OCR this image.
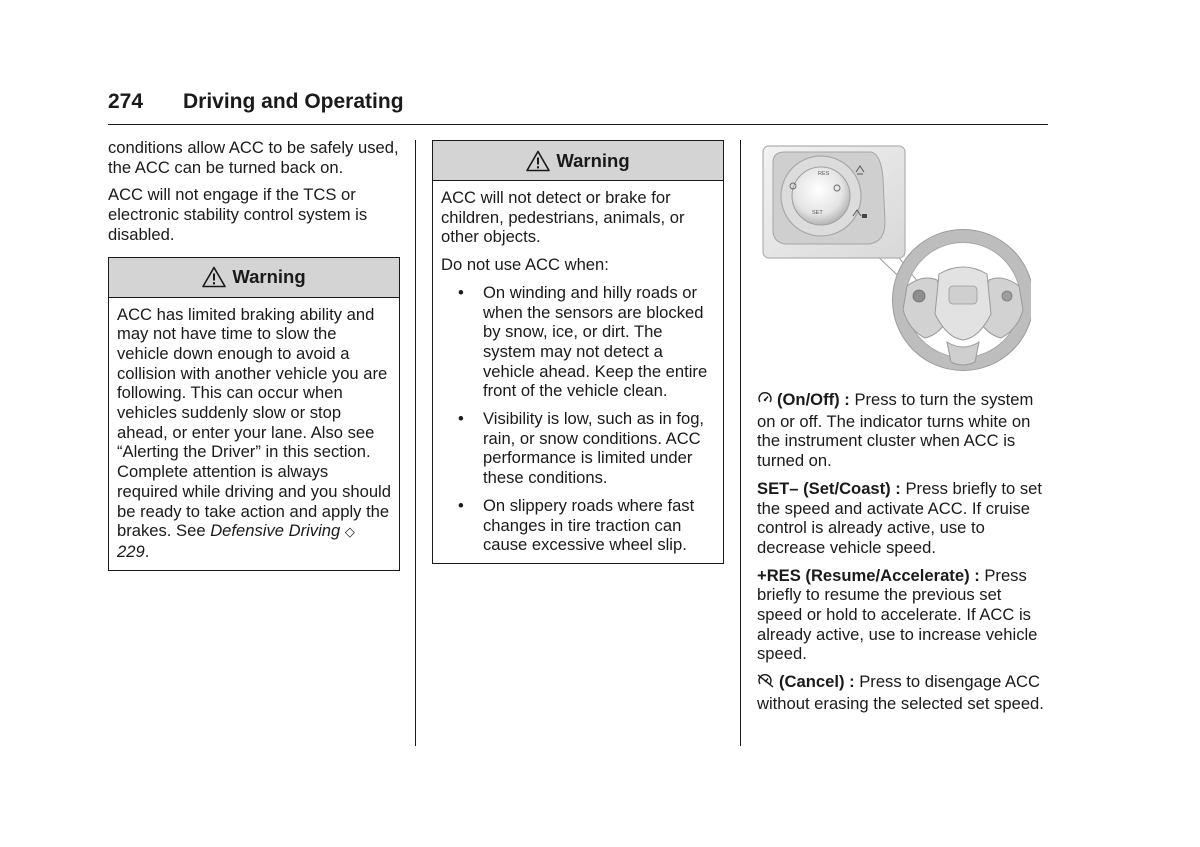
274 Driving and Operating

conditions allow ACC to be safely used, the ACC can be turned back on.

ACC will not engage if the TCS or electronic stability control system is disabled.

Warning

ACC has limited braking ability and may not have time to slow the vehicle down enough to avoid a collision with another vehicle you are following. This can occur when vehicles suddenly slow or stop ahead, or enter your lane. Also see “Alerting the Driver” in this section. Complete attention is always required while driving and you should be ready to take action and apply the brakes. See Defensive Driving ◇ 229.

Warning

ACC will not detect or brake for children, pedestrians, animals, or other objects.

Do not use ACC when:

• On winding and hilly roads or when the sensors are blocked by snow, ice, or dirt. The system may not detect a vehicle ahead. Keep the entire front of the vehicle clean.
• Visibility is low, such as in fog, rain, or snow conditions. ACC performance is limited under these conditions.
• On slippery roads where fast changes in tire traction can cause excessive wheel slip.
RES
SET

(On/Off) : Press to turn the system on or off. The indicator turns white on the instrument cluster when ACC is turned on.

SET– (Set/Coast) : Press briefly to set the speed and activate ACC. If cruise control is already active, use to decrease vehicle speed.

+RES (Resume/Accelerate) : Press briefly to resume the previous set speed or hold to accelerate. If ACC is already active, use to increase vehicle speed.

(Cancel) : Press to disengage ACC without erasing the selected set speed.
